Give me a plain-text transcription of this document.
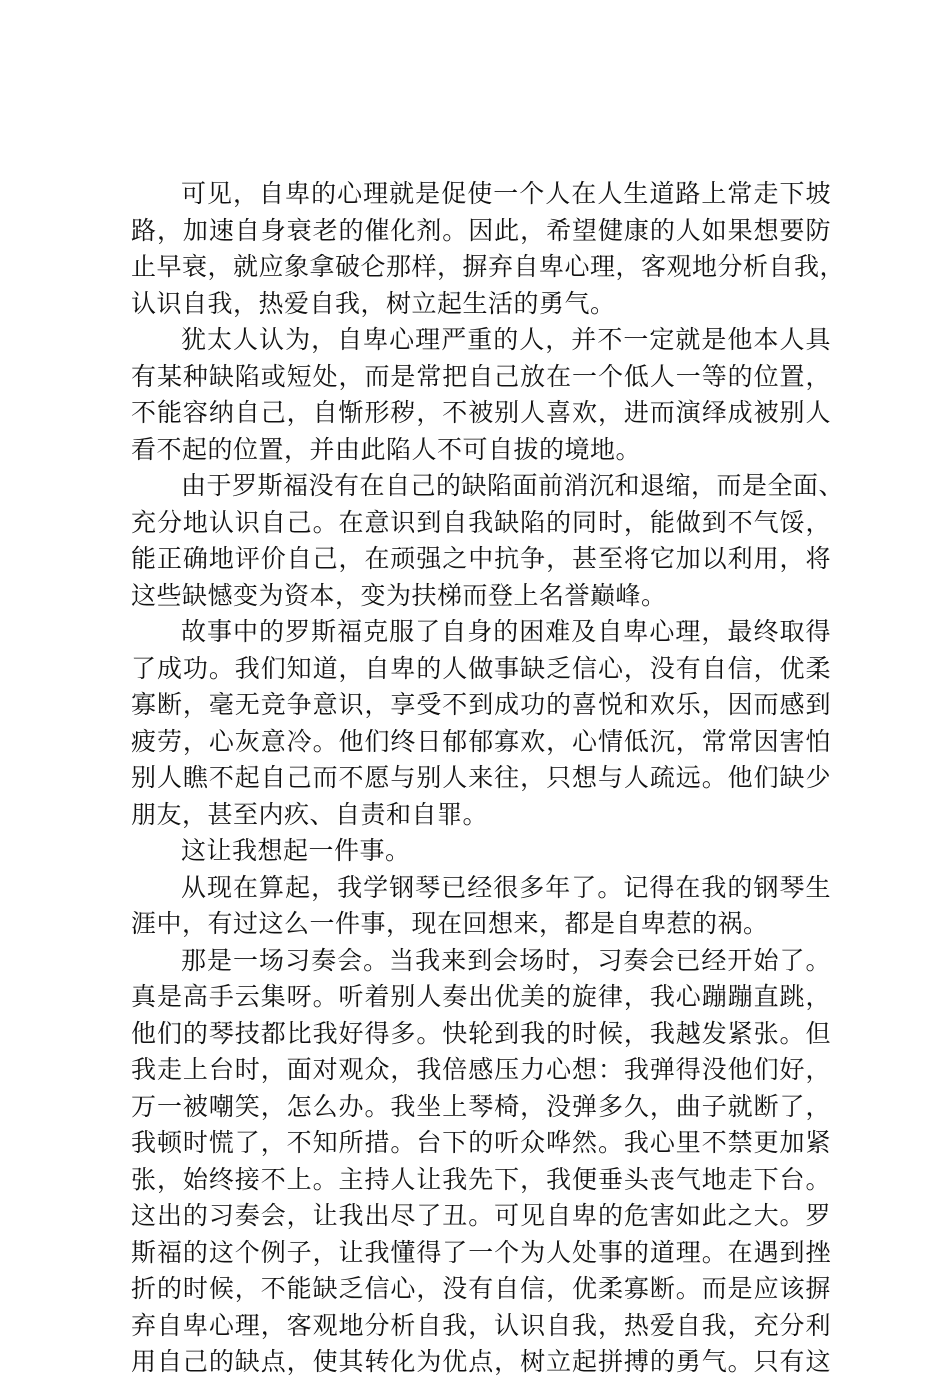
可见，自卑的心理就是促使一个人在人生道路上常走下坡
路，加速自身衰老的催化剂。因此，希望健康的人如果想要防
止早衰，就应象拿破仑那样，摒弃自卑心理，客观地分析自我，
认识自我，热爱自我，树立起生活的勇气。
犹太人认为，自卑心理严重的人，并不一定就是他本人具
有某种缺陷或短处，而是常把自己放在一个低人一等的位置，
不能容纳自己，自惭形秽，不被别人喜欢，进而演绎成被别人
看不起的位置，并由此陷人不可自拔的境地。
由于罗斯福没有在自己的缺陷面前消沉和退缩，而是全面、
充分地认识自己。在意识到自我缺陷的同时，能做到不气馁，
能正确地评价自己，在顽强之中抗争，甚至将它加以利用，将
这些缺憾变为资本，变为扶梯而登上名誉巅峰。
故事中的罗斯福克服了自身的困难及自卑心理，最终取得
了成功。我们知道，自卑的人做事缺乏信心，没有自信，优柔
寡断，毫无竞争意识，享受不到成功的喜悦和欢乐，因而感到
疲劳，心灰意冷。他们终日郁郁寡欢，心情低沉，常常因害怕
别人瞧不起自己而不愿与别人来往，只想与人疏远。他们缺少
朋友，甚至内疚、自责和自罪。
这让我想起一件事。
从现在算起，我学钢琴已经很多年了。记得在我的钢琴生
涯中，有过这么一件事，现在回想来，都是自卑惹的祸。
那是一场习奏会。当我来到会场时，习奏会已经开始了。
真是高手云集呀。听着别人奏出优美的旋律，我心蹦蹦直跳，
他们的琴技都比我好得多。快轮到我的时候，我越发紧张。但
我走上台时，面对观众，我倍感压力心想：我弹得没他们好，
万一被嘲笑，怎么办。我坐上琴椅，没弹多久，曲子就断了，
我顿时慌了，不知所措。台下的听众哗然。我心里不禁更加紧
张，始终接不上。主持人让我先下，我便垂头丧气地走下台。
这出的习奏会，让我出尽了丑。可见自卑的危害如此之大。罗
斯福的这个例子，让我懂得了一个为人处事的道理。在遇到挫
折的时候，不能缺乏信心，没有自信，优柔寡断。而是应该摒
弃自卑心理，客观地分析自我，认识自我，热爱自我，充分利
用自己的缺点，使其转化为优点，树立起拼搏的勇气。只有这
